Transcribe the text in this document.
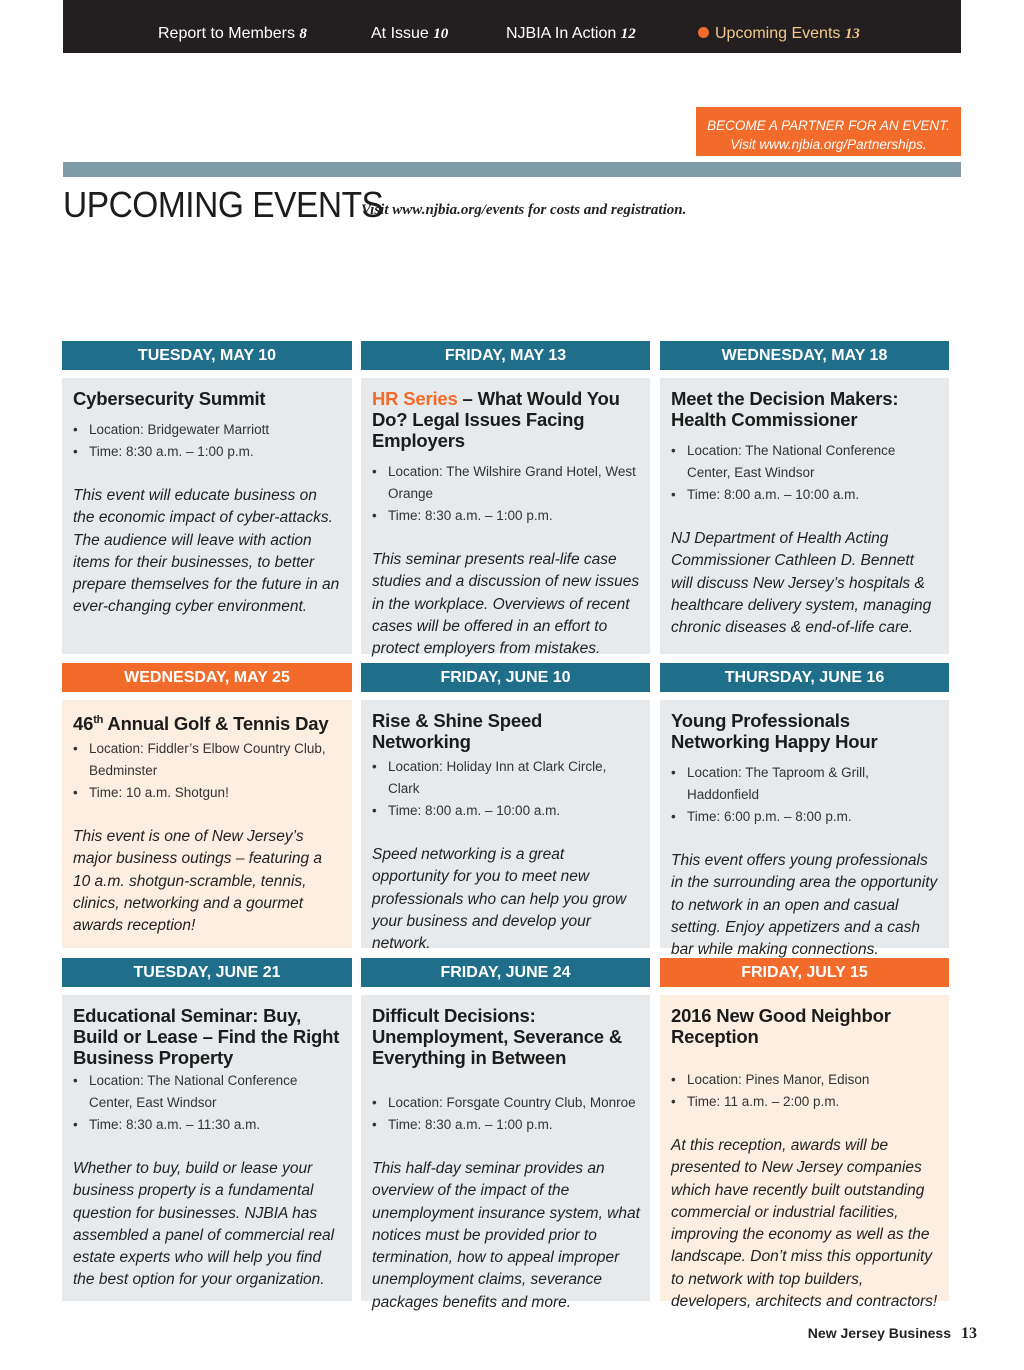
Report to Members 8	At Issue 10	NJBIA In Action 12	Upcoming Events 13
BECOME A PARTNER FOR AN EVENT.
Visit www.njbia.org/Partnerships.
UPCOMING EVENTS
Visit www.njbia.org/events for costs and registration.
TUESDAY, MAY 10	FRIDAY, MAY 13	WEDNESDAY, MAY 18
Cybersecurity Summit
• Location: Bridgewater Marriott
• Time: 8:30 a.m. – 1:00 p.m.
This event will educate business on the economic impact of cyber-attacks. The audience will leave with action items for their businesses, to better prepare themselves for the future in an ever-changing cyber environment.
HR Series – What Would You Do? Legal Issues Facing Employers
• Location: The Wilshire Grand Hotel, West Orange
• Time: 8:30 a.m. – 1:00 p.m.
This seminar presents real-life case studies and a discussion of new issues in the workplace. Overviews of recent cases will be offered in an effort to protect employers from mistakes.
Meet the Decision Makers: Health Commissioner
• Location: The National Conference Center, East Windsor
• Time: 8:00 a.m. – 10:00 a.m.
NJ Department of Health Acting Commissioner Cathleen D. Bennett will discuss New Jersey’s hospitals & healthcare delivery system, managing chronic diseases & end-of-life care.
WEDNESDAY, MAY 25	FRIDAY, JUNE 10	THURSDAY, JUNE 16
46th Annual Golf & Tennis Day
• Location: Fiddler’s Elbow Country Club, Bedminster
• Time: 10 a.m. Shotgun!
This event is one of New Jersey’s major business outings – featuring a 10 a.m. shotgun-scramble, tennis, clinics, networking and a gourmet awards reception!
Rise & Shine Speed Networking
• Location: Holiday Inn at Clark Circle, Clark
• Time: 8:00 a.m. – 10:00 a.m.
Speed networking is a great opportunity for you to meet new professionals who can help you grow your business and develop your network.
Young Professionals Networking Happy Hour
• Location: The Taproom & Grill, Haddonfield
• Time: 6:00 p.m. – 8:00 p.m.
This event offers young professionals in the surrounding area the opportunity to network in an open and casual setting. Enjoy appetizers and a cash bar while making connections.
TUESDAY, JUNE 21	FRIDAY, JUNE 24	FRIDAY, JULY 15
Educational Seminar: Buy, Build or Lease – Find the Right Business Property
• Location: The National Conference Center, East Windsor
• Time: 8:30 a.m. – 11:30 a.m.
Whether to buy, build or lease your business property is a fundamental question for businesses. NJBIA has assembled a panel of commercial real estate experts who will help you find the best option for your organization.
Difficult Decisions: Unemployment, Severance & Everything in Between
• Location: Forsgate Country Club, Monroe
• Time: 8:30 a.m. – 1:00 p.m.
This half-day seminar provides an overview of the impact of the unemployment insurance system, what notices must be provided prior to termination, how to appeal improper unemployment claims, severance packages benefits and more.
2016 New Good Neighbor Reception
• Location: Pines Manor, Edison
• Time: 11 a.m. – 2:00 p.m.
At this reception, awards will be presented to New Jersey companies which have recently built outstanding commercial or industrial facilities, improving the economy as well as the landscape. Don’t miss this opportunity to network with top builders, developers, architects and contractors!
New Jersey Business 13
